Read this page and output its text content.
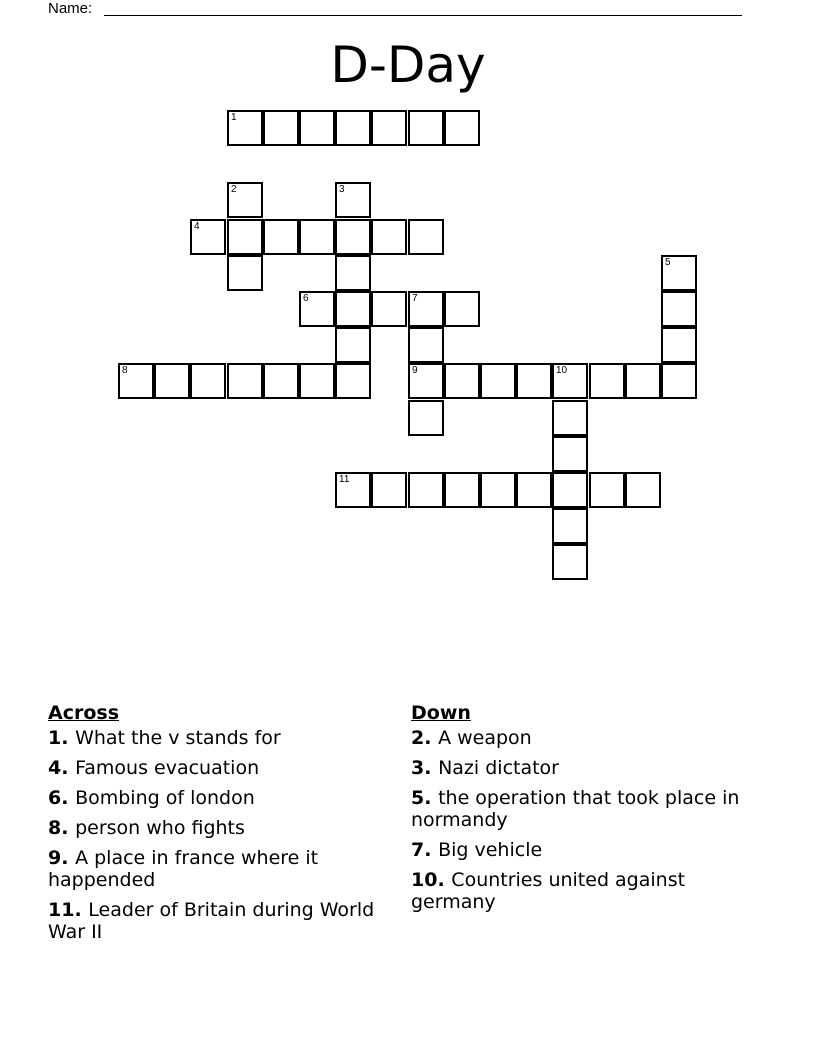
Name:
D-Day
1
4
6	7
8	9	10
11
2	3
5
Across
1. What the v stands for
4. Famous evacuation
6. Bombing of london
8. person who fights
9. A place in france where it happended
11. Leader of Britain during World War II
Down
2. A weapon
3. Nazi dictator
5. the operation that took place in normandy
7. Big vehicle
10. Countries united against germany
